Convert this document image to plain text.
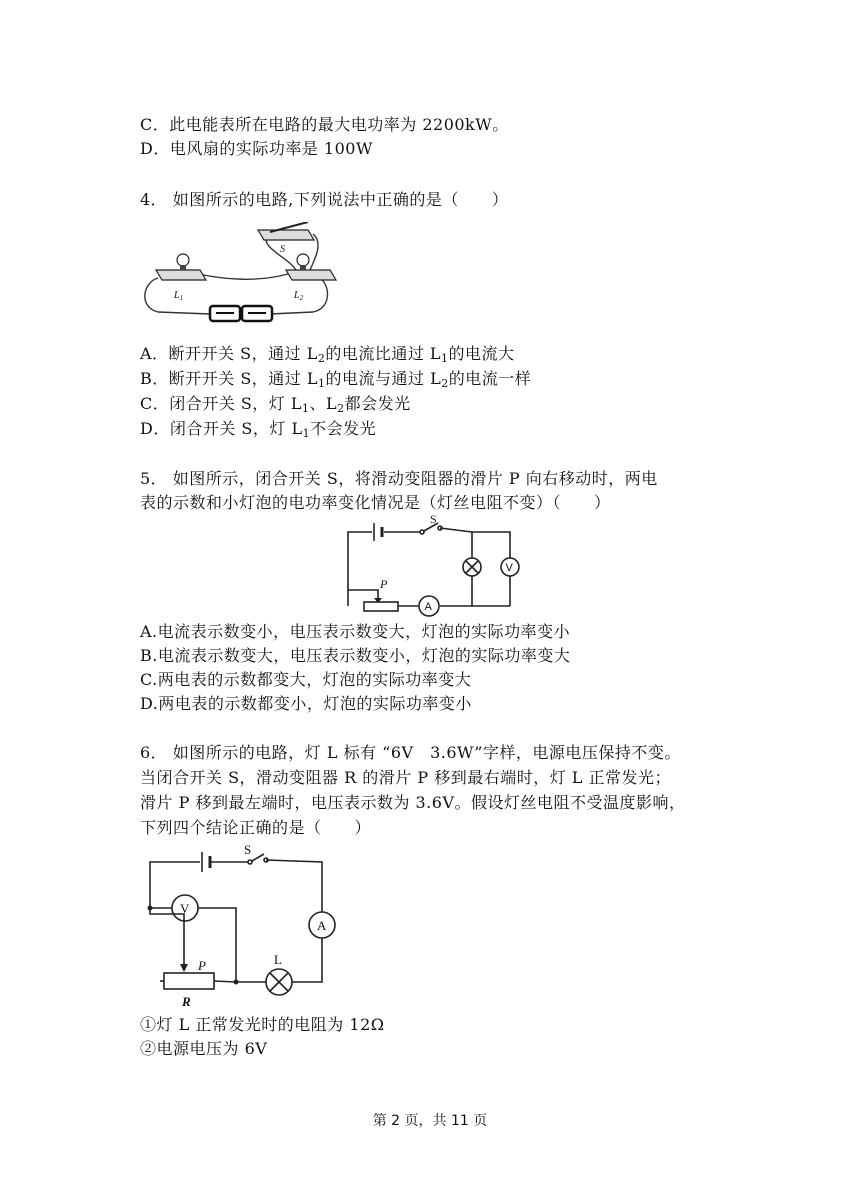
C．此电能表所在电路的最大电功率为 2200kW。
D．电风扇的实际功率是 100W
4． 如图所示的电路,下列说法中正确的是（　　）
S
$L_1$	$L_2$
A．断开开关 S，通过 $L_2$的电流比通过 $L_1$的电流大
B．断开开关 S，通过 $L_1$的电流与通过 $L_2$的电流一样
C．闭合开关 S，灯 $L_1$、$L_2$都会发光
D．闭合开关 S，灯 $L_1$不会发光
5． 如图所示，闭合开关 S，将滑动变阻器的滑片 P 向右移动时，两电
表的示数和小灯泡的电功率变化情况是（灯丝电阻不变）（　　）
S
P
A
V
A.电流表示数变小，电压表示数变大，灯泡的实际功率变小
B.电流表示数变大，电压表示数变小，灯泡的实际功率变大
C.两电表的示数都变大，灯泡的实际功率变大
D.两电表的示数都变小，灯泡的实际功率变小
6． 如图所示的电路，灯 L 标有 “6V　3.6W”字样，电源电压保持不变。
当闭合开关 S，滑动变阻器 R 的滑片 P 移到最右端时，灯 L 正常发光；
滑片 P 移到最左端时，电压表示数为 3.6V。假设灯丝电阻不受温度影响，
下列四个结论正确的是（　　）
S
V
A
L
P
R
①灯 L 正常发光时的电阻为 12Ω
②电源电压为 6V
第 2 页，共 11 页
